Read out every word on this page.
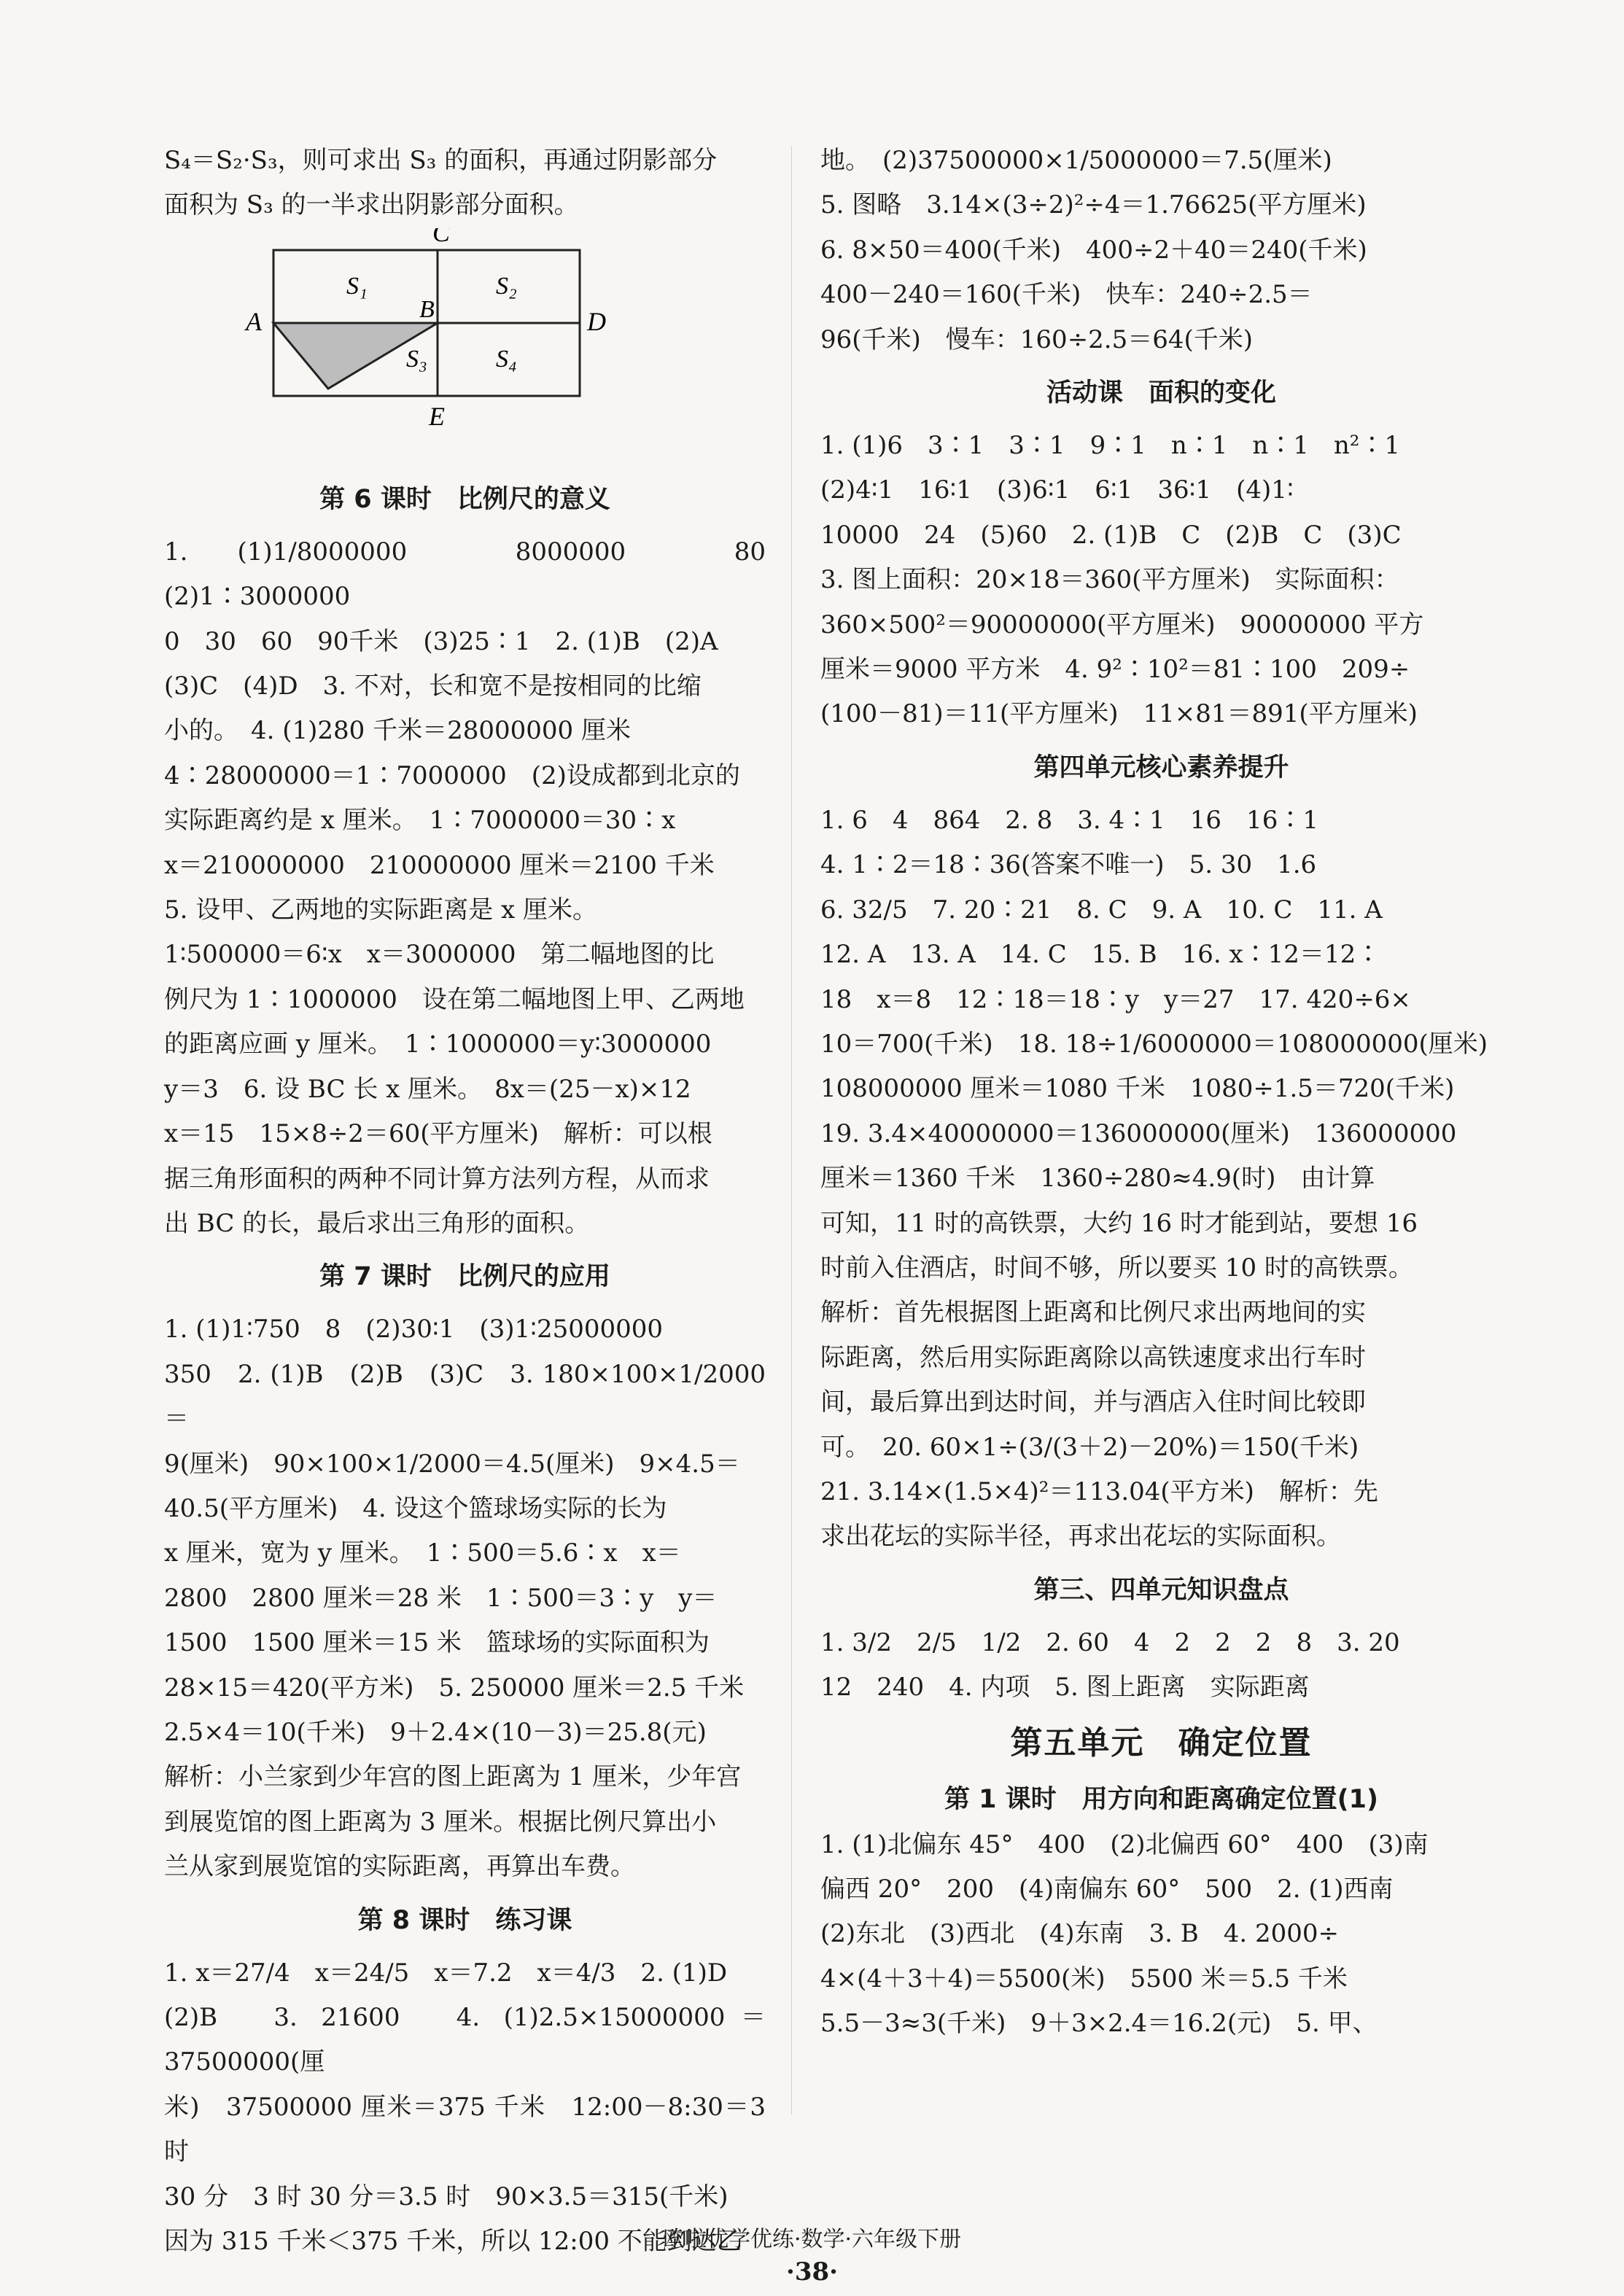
S₄＝S₂·S₃，则可求出 S₃ 的面积，再通过阴影部分
面积为 S₃ 的一半求出阴影部分面积。
C
S₁	S₂
A	B	D
S₃	S₄
E
第 6 课时　比例尺的意义
1. (1)1/8000000　8000000　80　(2)1∶3000000
0　30　60　90千米　(3)25∶1　2. (1)B　(2)A
(3)C　(4)D　3. 不对，长和宽不是按相同的比缩
小的。　4. (1)280 千米＝28000000 厘米
4∶28000000＝1∶7000000　(2)设成都到北京的
实际距离约是 x 厘米。　1∶7000000＝30∶x
x＝210000000　210000000 厘米＝2100 千米
5. 设甲、乙两地的实际距离是 x 厘米。
1∶500000＝6∶x　x＝3000000　第二幅地图的比
例尺为 1∶1000000　设在第二幅地图上甲、乙两地
的距离应画 y 厘米。　1∶1000000＝y∶3000000
y＝3　6. 设 BC 长 x 厘米。　8x＝(25－x)×12
x＝15　15×8÷2＝60(平方厘米)　解析：可以根
据三角形面积的两种不同计算方法列方程，从而求
出 BC 的长，最后求出三角形的面积。
第 7 课时　比例尺的应用
1. (1)1∶750　8　(2)30∶1　(3)1∶25000000
350　2. (1)B　(2)B　(3)C　3. 180×100×1/2000＝
9(厘米)　90×100×1/2000＝4.5(厘米)　9×4.5＝
40.5(平方厘米)　4. 设这个篮球场实际的长为
x 厘米，宽为 y 厘米。　1∶500＝5.6∶x　x＝
2800　2800 厘米＝28 米　1∶500＝3∶y　y＝
1500　1500 厘米＝15 米　篮球场的实际面积为
28×15＝420(平方米)　5. 250000 厘米＝2.5 千米
2.5×4＝10(千米)　9＋2.4×(10－3)＝25.8(元)
解析：小兰家到少年宫的图上距离为 1 厘米，少年宫
到展览馆的图上距离为 3 厘米。根据比例尺算出小
兰从家到展览馆的实际距离，再算出车费。
第 8 课时　练习课
1. x＝27/4　x＝24/5　x＝7.2　x＝4/3　2. (1)D
(2)B　3. 21600　4. (1)2.5×15000000＝37500000(厘
米)　37500000 厘米＝375 千米　12:00－8:30＝3 时
30 分　3 时 30 分＝3.5 时　90×3.5＝315(千米)
因为 315 千米＜375 千米，所以 12:00 不能到达乙
地。　(2)37500000×1/5000000＝7.5(厘米)
5. 图略　3.14×(3÷2)²÷4＝1.76625(平方厘米)
6. 8×50＝400(千米)　400÷2＋40＝240(千米)
400－240＝160(千米)　快车：240÷2.5＝
96(千米)　慢车：160÷2.5＝64(千米)
活动课　面积的变化
1. (1)6　3∶1　3∶1　9∶1　n∶1　n∶1　n²∶1
(2)4∶1　16∶1　(3)6∶1　6∶1　36∶1　(4)1∶
10000　24　(5)60　2. (1)B　C　(2)B　C　(3)C
3. 图上面积：20×18＝360(平方厘米)　实际面积：
360×500²＝90000000(平方厘米)　90000000 平方
厘米＝9000 平方米　4. 9²∶10²＝81∶100　209÷
(100－81)＝11(平方厘米)　11×81＝891(平方厘米)
第四单元核心素养提升
1. 6　4　864　2. 8　3. 4∶1　16　16∶1
4. 1∶2＝18∶36(答案不唯一)　5. 30　1.6
6. 32/5　7. 20∶21　8. C　9. A　10. C　11. A
12. A　13. A　14. C　15. B　16. x∶12＝12∶
18　x＝8　12∶18＝18∶y　y＝27　17. 420÷6×
10＝700(千米)　18. 18÷1/6000000＝108000000(厘米)
108000000 厘米＝1080 千米　1080÷1.5＝720(千米)
19. 3.4×40000000＝136000000(厘米)　136000000
厘米＝1360 千米　1360÷280≈4.9(时)　由计算
可知，11 时的高铁票，大约 16 时才能到站，要想 16
时前入住酒店，时间不够，所以要买 10 时的高铁票。
解析：首先根据图上距离和比例尺求出两地间的实
际距离，然后用实际距离除以高铁速度求出行车时
间，最后算出到达时间，并与酒店入住时间比较即
可。　20. 60×1÷(3/(3＋2)－20%)＝150(千米)
21. 3.14×(1.5×4)²＝113.04(平方米)　解析：先
求出花坛的实际半径，再求出花坛的实际面积。
第三、四单元知识盘点
1. 3/2　2/5　1/2　2. 60　4　2　2　2　8　3. 20
12　240　4. 内项　5. 图上距离　实际距离
第五单元　确定位置
第 1 课时　用方向和距离确定位置(1)
1. (1)北偏东 45°　400　(2)北偏西 60°　400　(3)南
偏西 20°　200　(4)南偏东 60°　500　2. (1)西南
(2)东北　(3)西北　(4)东南　3. B　4. 2000÷
4×(4＋3＋4)＝5500(米)　5500 米＝5.5 千米
5.5－3≈3(千米)　9＋3×2.4＝16.2(元)　5. 甲、
欧啦优学优练·数学·六年级下册
·38·
